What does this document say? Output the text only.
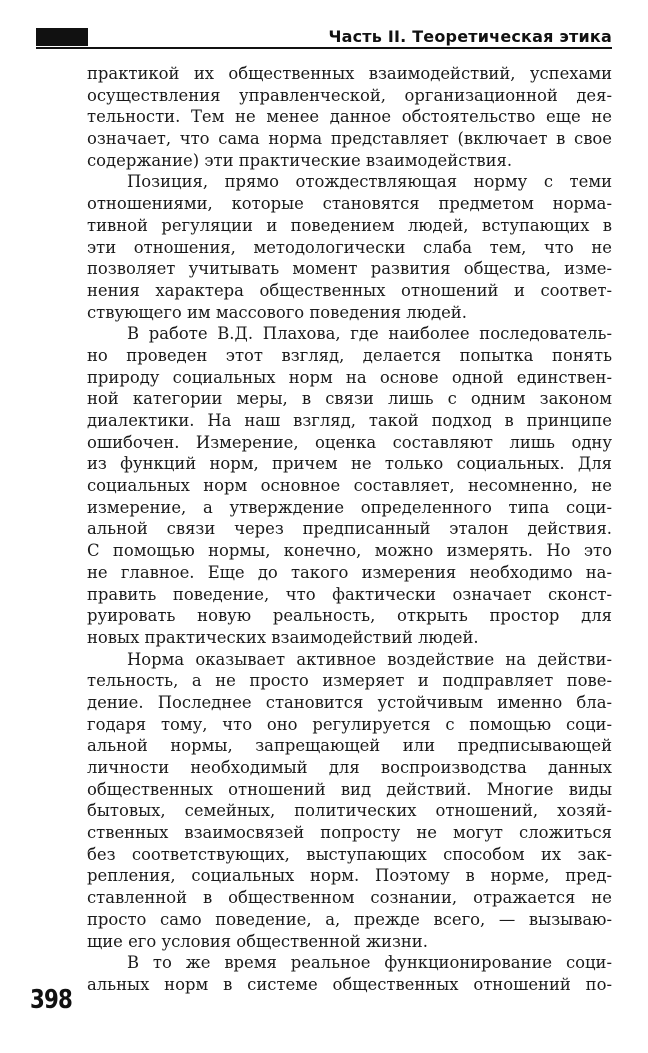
Часть II. Теоретическая этика
практикой их общественных взаимодействий, успехами
осуществления управленческой, организационной дея-
тельности. Тем не менее данное обстоятельство еще не
означает, что сама норма представляет (включает в свое
содержание) эти практические взаимодействия.
Позиция, прямо отождествляющая норму с теми
отношениями, которые становятся предметом норма-
тивной регуляции и поведением людей, вступающих в
эти отношения, методологически слаба тем, что не
позволяет учитывать момент развития общества, изме-
нения характера общественных отношений и соответ-
ствующего им массового поведения людей.
В работе В.Д. Плахова, где наиболее последователь-
но проведен этот взгляд, делается попытка понять
природу социальных норм на основе одной единствен-
ной категории меры, в связи лишь с одним законом
диалектики. На наш взгляд, такой подход в принципе
ошибочен. Измерение, оценка составляют лишь одну
из функций норм, причем не только социальных. Для
социальных норм основное составляет, несомненно, не
измерение, а утверждение определенного типа соци-
альной связи через предписанный эталон действия.
С помощью нормы, конечно, можно измерять. Но это
не главное. Еще до такого измерения необходимо на-
править поведение, что фактически означает сконст-
руировать новую реальность, открыть простор для
новых практических взаимодействий людей.
Норма оказывает активное воздействие на действи-
тельность, а не просто измеряет и подправляет пове-
дение. Последнее становится устойчивым именно бла-
годаря тому, что оно регулируется с помощью соци-
альной нормы, запрещающей или предписывающей
личности необходимый для воспроизводства данных
общественных отношений вид действий. Многие виды
бытовых, семейных, политических отношений, хозяй-
ственных взаимосвязей попросту не могут сложиться
без соответствующих, выступающих способом их зак-
репления, социальных норм. Поэтому в норме, пред-
ставленной в общественном сознании, отражается не
просто само поведение, а, прежде всего, — вызываю-
щие его условия общественной жизни.
В то же время реальное функционирование соци-
альных норм в системе общественных отношений по-
398
